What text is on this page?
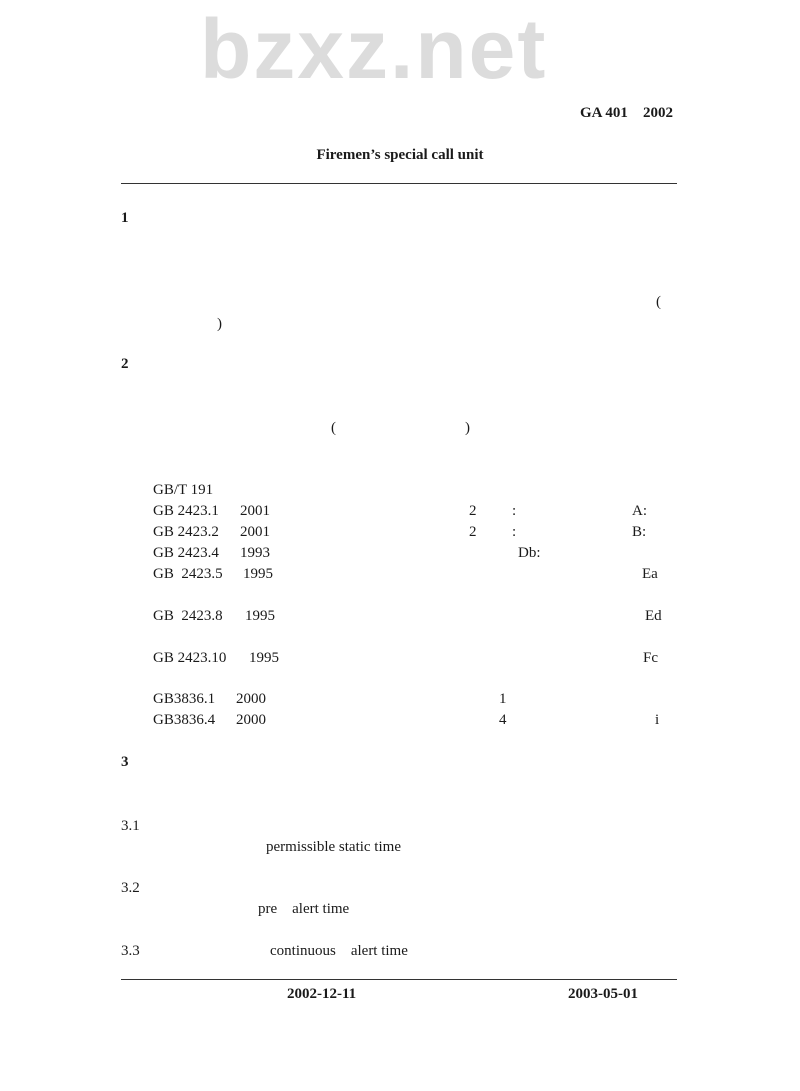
bzxz.net
GA 401 2002
Firemen’s special call unit
1
(
)
2
(	)
GB/T 191
GB 2423.1 2001	2 :	A:
GB 2423.2 2001	2 :	B:
GB 2423.4 1993	Db:
GB  2423.5 1995	Ea
GB  2423.8 1995	Ed
GB 2423.10 1995	Fc
GB3836.1 2000	1
GB3836.4 2000	4	i
3
3.1
permissible static time
3.2
pre    alert time
3.3	continuous    alert time
2002-12-11	2003-05-01
